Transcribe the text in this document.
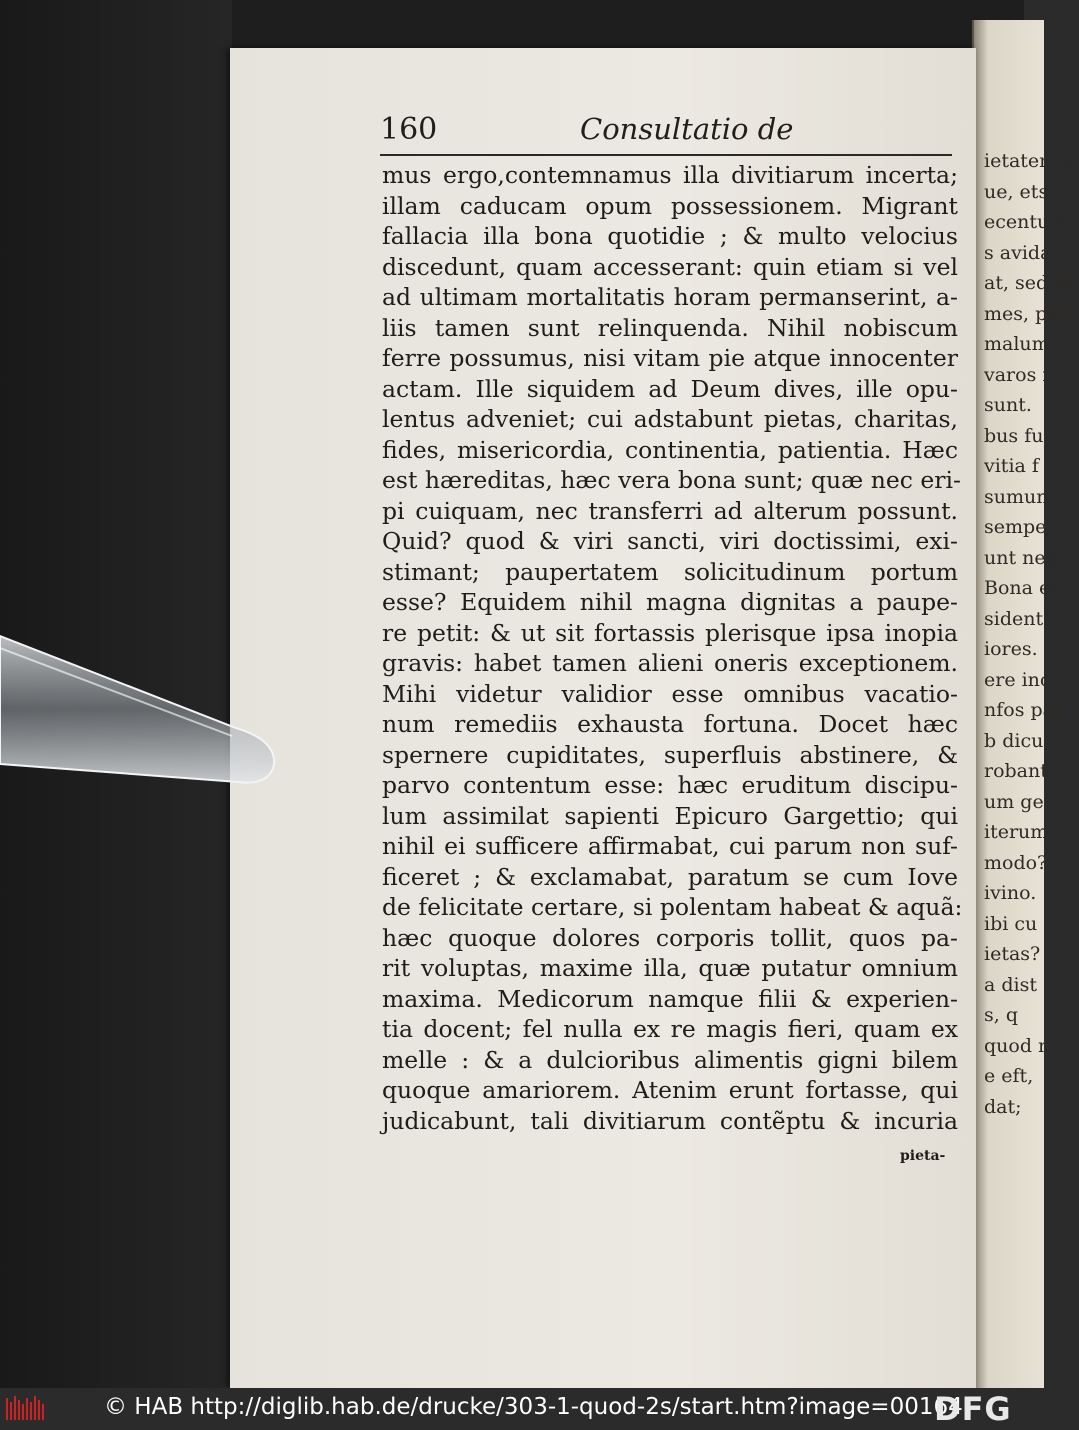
ietatem p
ue, etsi v
ecentum
s avida,
at, sed lib
mes, perf
malum.
varos f
sunt.
bus fu
vitia f
sumun
semper
unt neq
Bona en
sident:
iores.
ere inc
nfos pat
b dicu
robant
um ge
iterum
modo?
ivino.
ibi cu
ietas?
a dist
s, q
quod n
e eft,
dat;
160	Consultatio de
mus ergo,contemnamus illa divitiarum incerta;
illam caducam opum possessionem. Migrant
fallacia illa bona quotidie ; & multo velocius
discedunt, quam accesserant: quin etiam si vel
ad ultimam mortalitatis horam permanserint, a-
liis tamen sunt relinquenda. Nihil nobiscum
ferre possumus, nisi vitam pie atque innocenter
actam. Ille siquidem ad Deum dives, ille opu-
lentus adveniet; cui adstabunt pietas, charitas,
fides, misericordia, continentia, patientia. Hæc
est hæreditas, hæc vera bona sunt; quæ nec eri-
pi cuiquam, nec transferri ad alterum possunt.
Quid? quod & viri sancti, viri doctissimi, exi-
stimant; paupertatem solicitudinum portum
esse? Equidem nihil magna dignitas a paupe-
re petit: & ut sit fortassis plerisque ipsa inopia
gravis: habet tamen alieni oneris exceptionem.
Mihi videtur validior esse omnibus vacatio-
num remediis exhausta fortuna. Docet hæc
spernere cupiditates, superfluis abstinere, &
parvo contentum esse: hæc eruditum discipu-
lum assimilat sapienti Epicuro Gargettio; qui
nihil ei sufficere affirmabat, cui parum non suf-
ficeret ; & exclamabat, paratum se cum Iove
de felicitate certare, si polentam habeat & aquã:
hæc quoque dolores corporis tollit, quos pa-
rit voluptas, maxime illa, quæ putatur omnium
maxima. Medicorum namque filii & experien-
tia docent; fel nulla ex re magis fieri, quam ex
melle : & a dulcioribus alimentis gigni bilem
quoque amariorem. Atenim erunt fortasse, qui
judicabunt, tali divitiarum contẽptu & incuria
pieta-
© HAB http://diglib.hab.de/drucke/303-1-quod-2s/start.htm?image=00164
DFG
